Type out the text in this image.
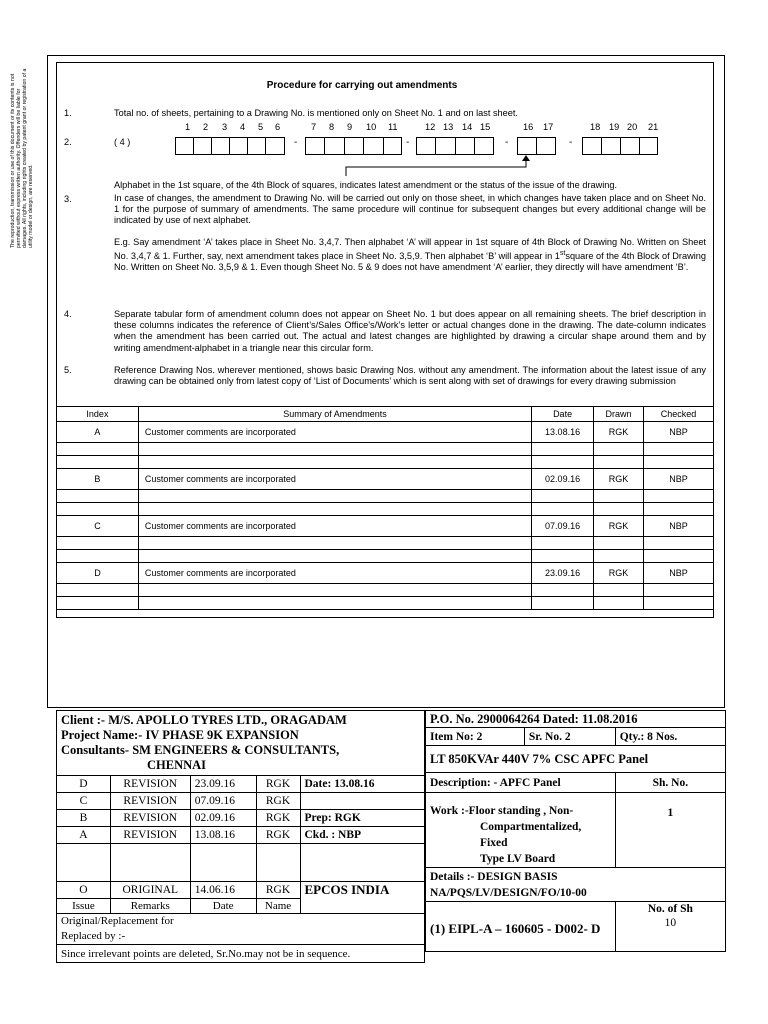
The reproduction, transmission or use of this document or its contents is not permitted without express written authority. Offenders will be liable for damages. All rights, including rights created by patent grant or registration of a utility model or design, are reserved.
Procedure for carrying out amendments
1.	Total no. of sheets, pertaining to a Drawing No. is mentioned only on Sheet No. 1 and on last sheet.
1 2 3 4 5 6	7 8 9 10 11	12 13 14 15	16 17	18 19 20 21
2.	( 4 )	-	-	-	-
Alphabet in the 1st square, of the 4th Block of squares, indicates latest amendment or the status of the issue of the drawing.
3.	In case of changes, the amendment to Drawing No. will be carried out only on those sheet, in which changes have taken place and on Sheet No. 1 for the purpose of summary of amendments. The same procedure will continue for subsequent changes but every additional change will be indicated by use of next alphabet.
E.g. Say amendment ‘A’ takes place in Sheet No. 3,4,7. Then alphabet ‘A’ will appear in 1st square of 4th Block of Drawing No. Written on Sheet No. 3,4,7 & 1. Further, say, next amendment takes place in Sheet No. 3,5,9. Then alphabet ‘B’ will appear in 1stsquare of the 4th Block of Drawing No. Written on Sheet No. 3,5,9 & 1. Even though Sheet No. 5 & 9 does not have amendment ‘A’ earlier, they directly will have amendment ‘B’.
4.	Separate tabular form of amendment column does not appear on Sheet No. 1 but does appear on all remaining sheets. The brief description in these columns indicates the reference of Client’s/Sales Office’s/Work’s letter or actual changes done in the drawing. The date-column indicates when the amendment has been carried out. The actual and latest changes are highlighted by drawing a circular shape around them and by writing amendment-alphabet in a triangle near this circular form.
5.	Reference Drawing Nos. wherever mentioned, shows basic Drawing Nos. without any amendment. The information about the latest issue of any drawing can be obtained only from latest copy of ‘List of Documents’ which is sent along with set of drawings for every drawing submission
Index	Summary of Amendments	Date	Drawn	Checked
A	Customer comments are incorporated	13.08.16	RGK	NBP

B	Customer comments are incorporated	02.09.16	RGK	NBP

C	Customer comments are incorporated	07.09.16	RGK	NBP

D	Customer comments are incorporated	23.09.16	RGK	NBP

Client :- M/S. APOLLO TYRES LTD., ORAGADAM
Project Name:- IV PHASE 9K EXPANSION
Consultants- SM ENGINEERS & CONSULTANTS,
CHENNAI				

D	REVISION	23.09.16	RGK	Date: 13.08.16
C	REVISION	07.09.16	RGK	
B	REVISION	02.09.16	RGK	Prep: RGK
A	REVISION	13.08.16	RGK	Ckd. : NBP

O	ORIGINAL	14.06.16	RGK	EPCOS INDIA
Issue	Remarks	Date	Name	

Original/Replacement for
Replaced by :-				

Since irrelevant points are deleted, Sr.No.may not be in sequence.				
P.O. No. 2900064264 Dated: 11.08.2016		
Item No: 2	Sr. No. 2	Qty.: 8 Nos.
LT 850KVAr 440V 7% CSC APFC Panel		
Description: - APFC Panel		Sh. No.

Work :-Floor standing , Non-
Compartmentalized, Fixed
Type LV Board		1

Details :- DESIGN BASIS
NA/PQS/LV/DESIGN/FO/10-00		

(1) EIPL-A – 160605 - D002- D		No. of Sh
10
